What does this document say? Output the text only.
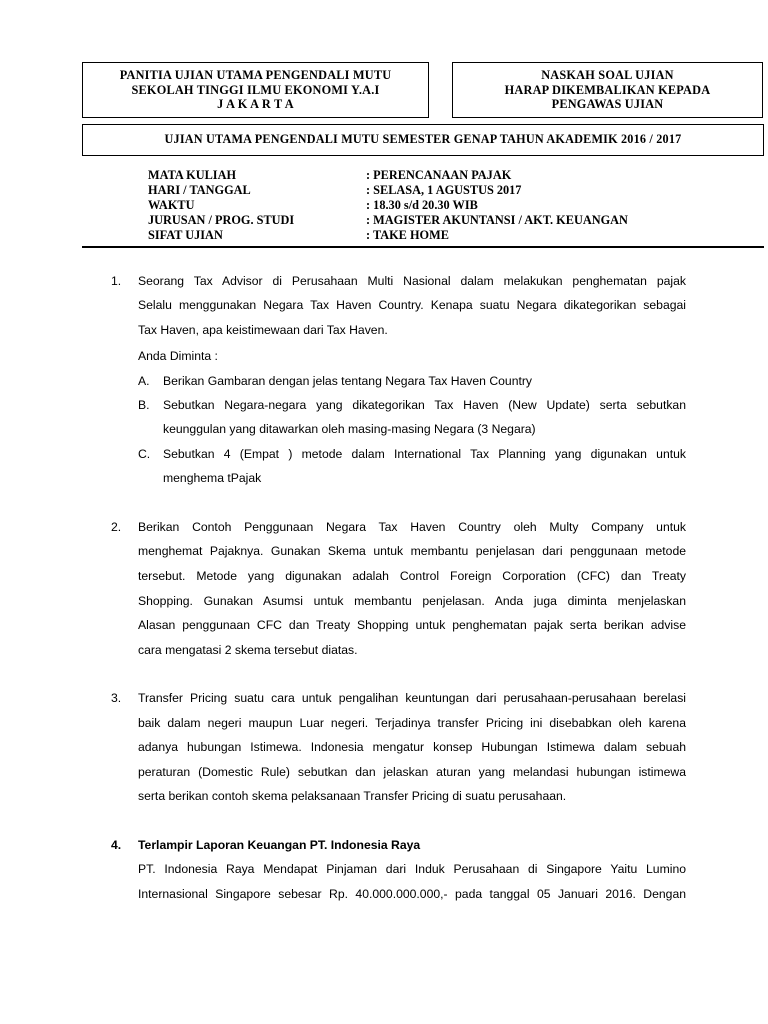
PANITIA UJIAN UTAMA PENGENDALI MUTU
SEKOLAH TINGGI ILMU EKONOMI Y.A.I
J A K A R T A
NASKAH SOAL UJIAN
HARAP DIKEMBALIKAN KEPADA
PENGAWAS UJIAN
UJIAN UTAMA PENGENDALI MUTU SEMESTER GENAP TAHUN AKADEMIK 2016 / 2017
MATA KULIAH	: PERENCANAAN PAJAK
HARI / TANGGAL	: SELASA, 1 AGUSTUS 2017
WAKTU	: 18.30 s/d 20.30 WIB
JURUSAN / PROG. STUDI	: MAGISTER AKUNTANSI / AKT. KEUANGAN
SIFAT UJIAN	: TAKE HOME
1. Seorang Tax Advisor di Perusahaan Multi Nasional dalam melakukan penghematan pajak
Selalu menggunakan Negara Tax Haven Country. Kenapa suatu Negara dikategorikan sebagai
Tax Haven, apa keistimewaan dari Tax Haven.
Anda Diminta :
A. Berikan Gambaran dengan jelas tentang Negara Tax Haven Country
B. Sebutkan Negara-negara yang dikategorikan Tax Haven (New Update) serta sebutkan
keunggulan yang ditawarkan oleh masing-masing Negara (3 Negara)
C. Sebutkan 4 (Empat ) metode dalam International Tax Planning yang digunakan untuk
menghema tPajak
2. Berikan Contoh Penggunaan Negara Tax Haven Country oleh Multy Company untuk
menghemat Pajaknya. Gunakan Skema untuk membantu penjelasan dari penggunaan metode
tersebut. Metode yang digunakan adalah Control Foreign Corporation (CFC) dan Treaty
Shopping. Gunakan Asumsi untuk membantu penjelasan. Anda juga diminta menjelaskan
Alasan penggunaan CFC dan Treaty Shopping untuk penghematan pajak serta berikan advise
cara mengatasi 2 skema tersebut diatas.
3. Transfer Pricing suatu cara untuk pengalihan keuntungan dari perusahaan-perusahaan berelasi
baik dalam negeri maupun Luar negeri. Terjadinya transfer Pricing ini disebabkan oleh karena
adanya hubungan Istimewa. Indonesia mengatur konsep Hubungan Istimewa dalam sebuah
peraturan (Domestic Rule) sebutkan dan jelaskan aturan yang melandasi hubungan istimewa
serta berikan contoh skema pelaksanaan Transfer Pricing di suatu perusahaan.
4. Terlampir Laporan Keuangan PT. Indonesia Raya
PT. Indonesia Raya Mendapat Pinjaman dari Induk Perusahaan di Singapore Yaitu Lumino
Internasional Singapore sebesar Rp. 40.000.000.000,- pada tanggal 05 Januari 2016. Dengan
